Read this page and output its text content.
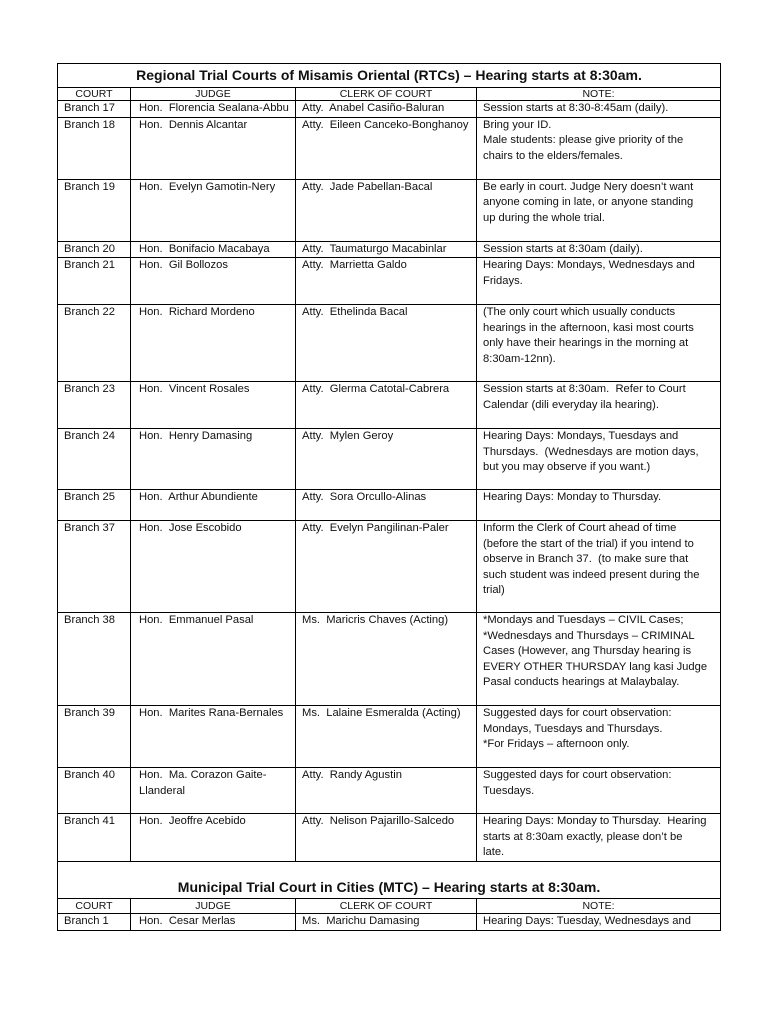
Regional Trial Courts of Misamis Oriental (RTCs) – Hearing starts at 8:30am.			
COURT	JUDGE	CLERK OF COURT	NOTE:
Branch 17	Hon.  Florencia Sealana-Abbu	Atty.  Anabel Casiño-Baluran	Session starts at 8:30-8:45am (daily).

Branch 18	Hon.  Dennis Alcantar	Atty.  Eileen Canceko-Bonghanoy	Bring your ID.
Male students: please give priority of the
chairs to the elders/females.

Branch 19	Hon.  Evelyn Gamotin-Nery	Atty.  Jade Pabellan-Bacal	Be early in court. Judge Nery doesn’t want
anyone coming in late, or anyone standing
up during the whole trial.

Branch 20	Hon.  Bonifacio Macabaya	Atty.  Taumaturgo Macabinlar	Session starts at 8:30am (daily).

Branch 21	Hon.  Gil Bollozos	Atty.  Marrietta Galdo	Hearing Days: Mondays, Wednesdays and
Fridays.

Branch 22	Hon.  Richard Mordeno	Atty.  Ethelinda Bacal	(The only court which usually conducts
hearings in the afternoon, kasi most courts
only have their hearings in the morning at
8:30am-12nn).

Branch 23	Hon.  Vincent Rosales	Atty.  Glerma Catotal-Cabrera	Session starts at 8:30am.  Refer to Court
Calendar (dili everyday ila hearing).

Branch 24	Hon.  Henry Damasing	Atty.  Mylen Geroy	Hearing Days: Mondays, Tuesdays and
Thursdays.  (Wednesdays are motion days,
but you may observe if you want.)

Branch 25	Hon.  Arthur Abundiente	Atty.  Sora Orcullo-Alinas	Hearing Days: Monday to Thursday.

Branch 37	Hon.  Jose Escobido	Atty.  Evelyn Pangilinan-Paler	Inform the Clerk of Court ahead of time
(before the start of the trial) if you intend to
observe in Branch 37.  (to make sure that
such student was indeed present during the
trial)

Branch 38	Hon.  Emmanuel Pasal	Ms.  Maricris Chaves (Acting)	*Mondays and Tuesdays – CIVIL Cases;
*Wednesdays and Thursdays – CRIMINAL
Cases (However, ang Thursday hearing is
EVERY OTHER THURSDAY lang kasi Judge
Pasal conducts hearings at Malaybalay.

Branch 39	Hon.  Marites Rana-Bernales	Ms.  Lalaine Esmeralda (Acting)	Suggested days for court observation:
Mondays, Tuesdays and Thursdays.
*For Fridays – afternoon only.

Branch 40	Hon.  Ma. Corazon Gaite-Llanderal	Atty.  Randy Agustin	Suggested days for court observation:
Tuesdays.

Branch 41	Hon.  Jeoffre Acebido	Atty.  Nelison Pajarillo-Salcedo	Hearing Days: Monday to Thursday.  Hearing
starts at 8:30am exactly, please don’t be
late.

Municipal Trial Court in Cities (MTC) – Hearing starts at 8:30am.			
COURT	JUDGE	CLERK OF COURT	NOTE:
Branch 1	Hon.  Cesar Merlas	Ms.  Marichu Damasing	Hearing Days: Tuesday, Wednesdays and
